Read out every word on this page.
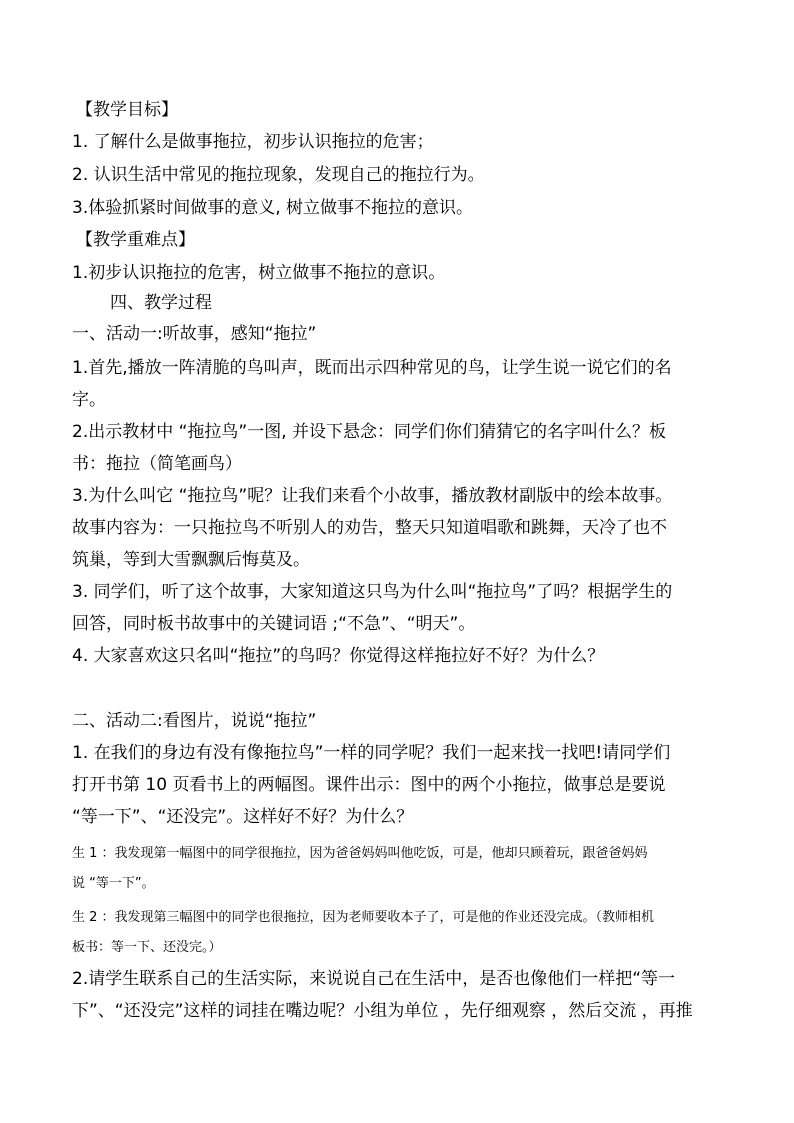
【教学目标】
1. 了解什么是做事拖拉，初步认识拖拉的危害；
2. 认识生活中常见的拖拉现象，发现自己的拖拉行为。
3.体验抓紧时间做事的意义, 树立做事不拖拉的意识。
【教学重难点】
1.初步认识拖拉的危害，树立做事不拖拉的意识。
四、教学过程
一、活动一:听故事，感知“拖拉”
1.首先,播放一阵清脆的鸟叫声，既而出示四种常见的鸟，让学生说一说它们的名
字。
2.出示教材中 “拖拉鸟”一图, 并设下悬念：同学们你们猜猜它的名字叫什么？板
书：拖拉（简笔画鸟）
3.为什么叫它 “拖拉鸟”呢？让我们来看个小故事，播放教材副版中的绘本故事。
故事内容为：一只拖拉鸟不听别人的劝告，整天只知道唱歌和跳舞，天冷了也不
筑巢，等到大雪飘飘后悔莫及。
3. 同学们，听了这个故事，大家知道这只鸟为什么叫“拖拉鸟”了吗？根据学生的
回答，同时板书故事中的关键词语 ;“不急”、“明天”。
4. 大家喜欢这只名叫“拖拉”的鸟吗？你觉得这样拖拉好不好？为什么？
二、活动二:看图片，说说“拖拉”
1. 在我们的身边有没有像拖拉鸟”一样的同学呢？我们一起来找一找吧!请同学们
打开书第 10 页看书上的两幅图。课件出示：图中的两个小拖拉，做事总是要说
“等一下”、“还没完”。这样好不好？为什么？
生 1 ：我发现第一幅图中的同学很拖拉，因为爸爸妈妈叫他吃饭，可是，他却只顾着玩，跟爸爸妈妈
说 “等一下”。
生 2 ：我发现第三幅图中的同学也很拖拉，因为老师要收本子了，可是他的作业还没完成。（教师相机
板书：等一下、还没完。）
2.请学生联系自己的生活实际，来说说自己在生活中，是否也像他们一样把“等一
下”、“还没完”这样的词挂在嘴边呢？小组为单位 ，先仔细观察 ，然后交流 ，再推
